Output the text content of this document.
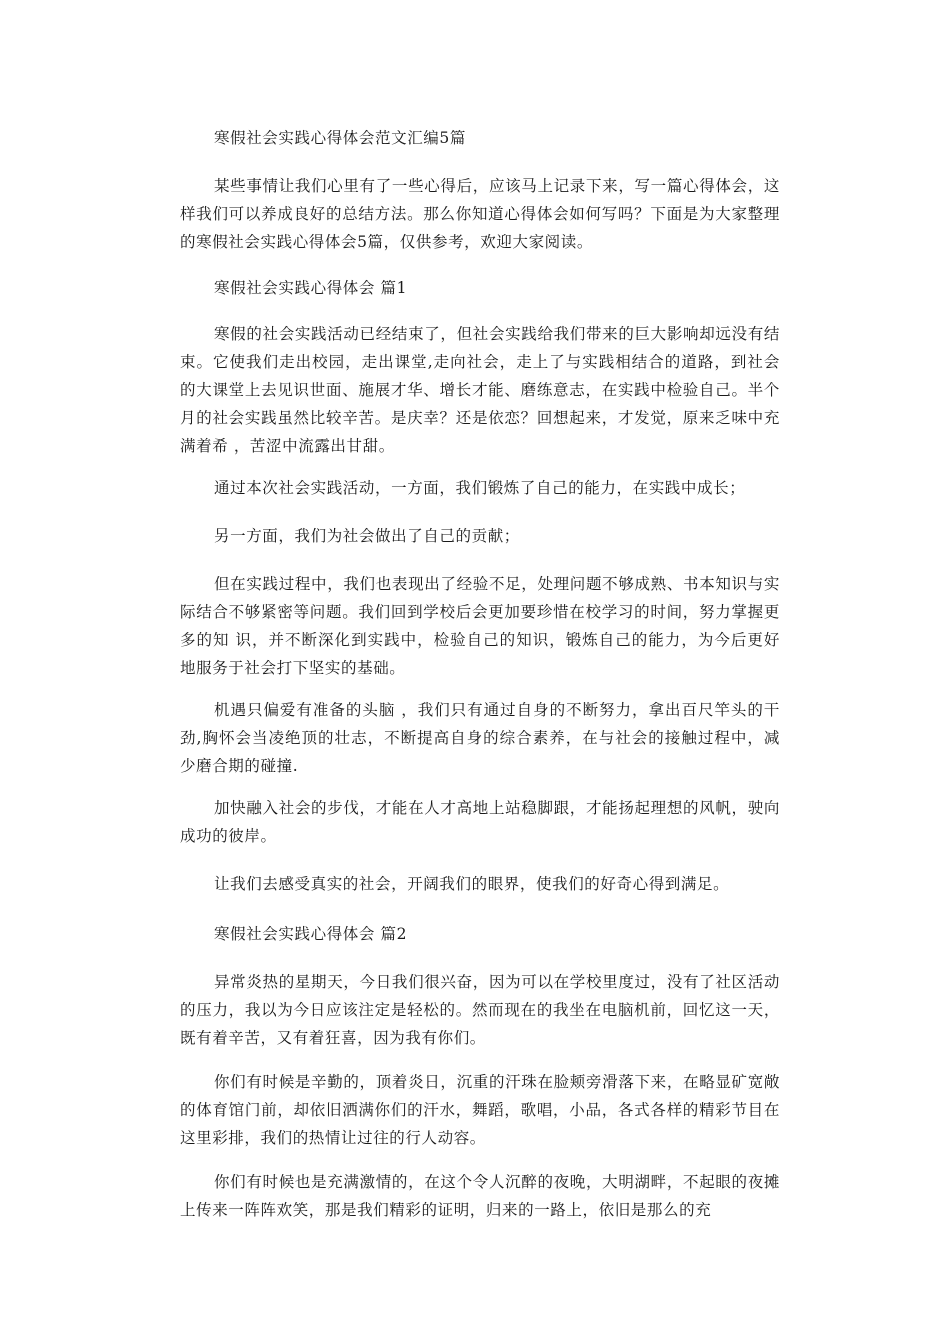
寒假社会实践心得体会范文汇编5篇

某些事情让我们心里有了一些心得后，应该马上记录下来，写一篇心得体会，这样我们可以养成良好的总结方法。那么你知道心得体会如何写吗？下面是为大家整理的寒假社会实践心得体会5篇，仅供参考，欢迎大家阅读。

寒假社会实践心得体会 篇1

寒假的社会实践活动已经结束了，但社会实践给我们带来的巨大影响却远没有结束。它使我们走出校园，走出课堂,走向社会，走上了与实践相结合的道路，到社会的大课堂上去见识世面、施展才华、增长才能、磨练意志，在实践中检验自己。半个月的社会实践虽然比较辛苦。是庆幸？还是依恋？回想起来，才发觉，原来乏味中充满着希 ，苦涩中流露出甘甜。

通过本次社会实践活动，一方面，我们锻炼了自己的能力，在实践中成长；

另一方面，我们为社会做出了自己的贡献；

但在实践过程中，我们也表现出了经验不足，处理问题不够成熟、书本知识与实际结合不够紧密等问题。我们回到学校后会更加要珍惜在校学习的时间，努力掌握更多的知 识，并不断深化到实践中，检验自己的知识，锻炼自己的能力，为今后更好地服务于社会打下坚实的基础。

机遇只偏爱有准备的头脑 ，我们只有通过自身的不断努力，拿出百尺竿头的干劲,胸怀会当凌绝顶的壮志，不断提高自身的综合素养，在与社会的接触过程中，减少磨合期的碰撞.

加快融入社会的步伐，才能在人才高地上站稳脚跟，才能扬起理想的风帆，驶向成功的彼岸。

让我们去感受真实的社会，开阔我们的眼界，使我们的好奇心得到满足。

寒假社会实践心得体会 篇2

异常炎热的星期天，今日我们很兴奋，因为可以在学校里度过，没有了社区活动的压力，我以为今日应该注定是轻松的。然而现在的我坐在电脑机前，回忆这一天，既有着辛苦，又有着狂喜，因为我有你们。

你们有时候是辛勤的，顶着炎日，沉重的汗珠在脸颊旁滑落下来，在略显矿宽敞的体育馆门前，却依旧洒满你们的汗水，舞蹈，歌唱，小品，各式各样的精彩节目在这里彩排，我们的热情让过往的行人动容。

你们有时候也是充满激情的，在这个令人沉醉的夜晚，大明湖畔，不起眼的夜摊上传来一阵阵欢笑，那是我们精彩的证明，归来的一路上，依旧是那么的充
